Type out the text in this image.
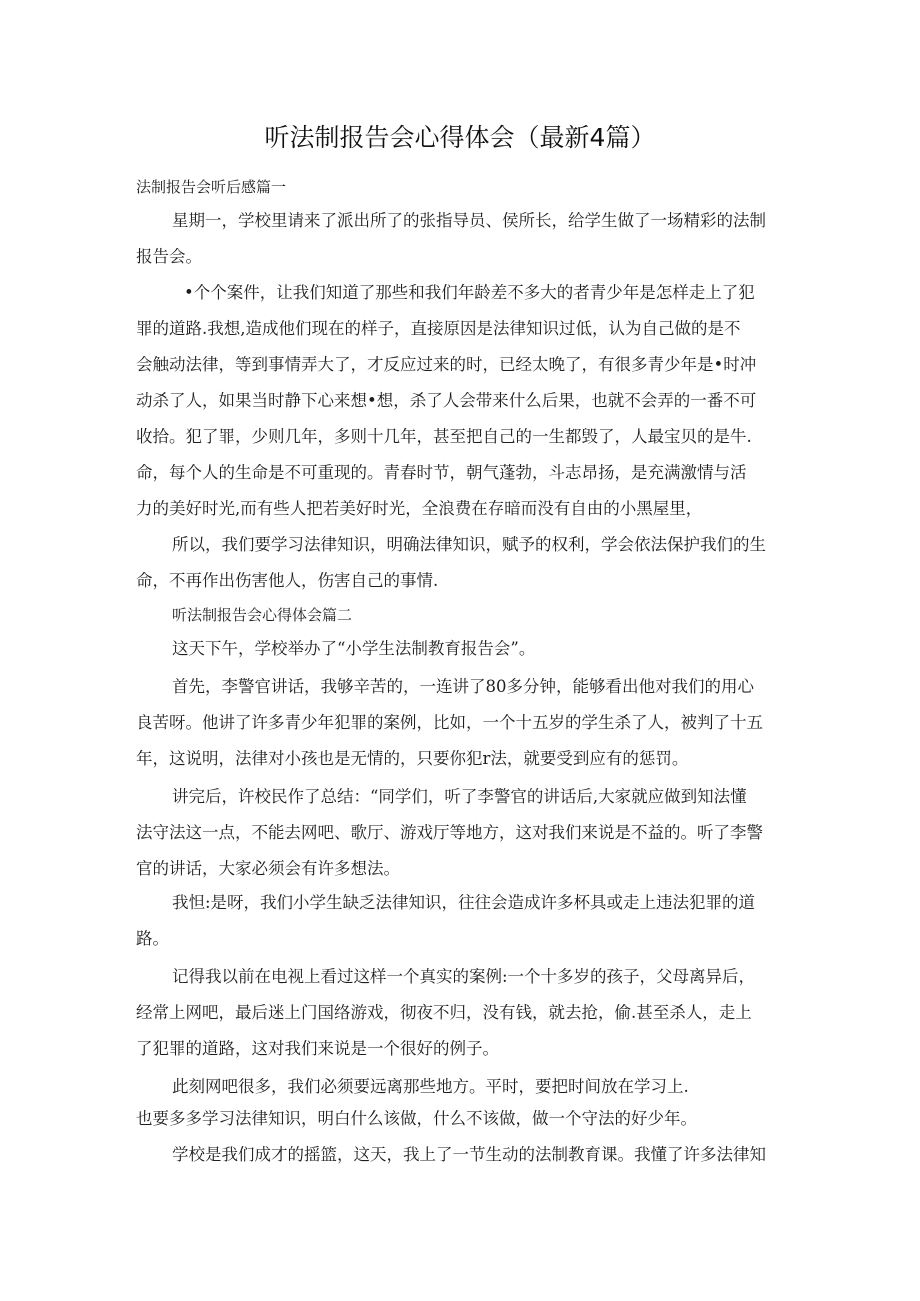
听法制报告会心得体会（最新4篇）
法制报告会听后感篇一
星期一，学校里请来了派出所了的张指导员、侯所长，给学生做了一场精彩的法制
报告会。
•个个案件，让我们知道了那些和我们年龄差不多大的者青少年是怎样走上了犯
罪的道路.我想,造成他们现在的样子，直接原因是法律知识过低，认为自己做的是不
会触动法律，等到事情弄大了，才反应过来的时，已经太晚了，有很多青少年是•时冲
动杀了人，如果当时静下心来想•想，杀了人会带来什么后果，也就不会弄的一番不可
收拾。犯了罪，少则几年，多则十几年，甚至把自己的一生都毁了，人最宝贝的是牛.
命，每个人的生命是不可重现的。青春时节，朝气蓬勃，斗志昂扬，是充满激情与活
力的美好时光,而有些人把若美好时光，全浪费在存暗而没有自由的小黑屋里，
所以，我们要学习法律知识，明确法律知识，赋予的权利，学会依法保护我们的生
命，不再作出伤害他人，伤害自己的事情.
听法制报告会心得体会篇二
这天下午，学校举办了“小学生法制教育报告会”。
首先，李警官讲话，我够辛苦的，一连讲了80多分钟，能够看出他对我们的用心
良苦呀。他讲了许多青少年犯罪的案例，比如，一个十五岁的学生杀了人，被判了十五
年，这说明，法律对小孩也是无情的，只要你犯r法，就要受到应有的惩罚。
讲完后，许校民作了总结：“同学们，听了李警官的讲话后,大家就应做到知法懂
法守法这一点，不能去网吧、歌厅、游戏厅等地方，这对我们来说是不益的。听了李警
官的讲话，大家必须会有许多想法。
我怛:是呀，我们小学生缺乏法律知识，往往会造成许多杯具或走上违法犯罪的道
路。
记得我以前在电视上看过这样一个真实的案例:一个十多岁的孩子，父母离异后，
经常上网吧，最后迷上门国络游戏，彻夜不归，没有钱，就去抢，偷.甚至杀人，走上
了犯罪的道路，这对我们来说是一个很好的例子。
此刻网吧很多，我们必须要远离那些地方。平时，要把时间放在学习上.
也要多多学习法律知识，明白什么该做，什么不该做，做一个守法的好少年。
学校是我们成才的摇篮，这天，我上了一节生动的法制教育课。我懂了许多法律知
